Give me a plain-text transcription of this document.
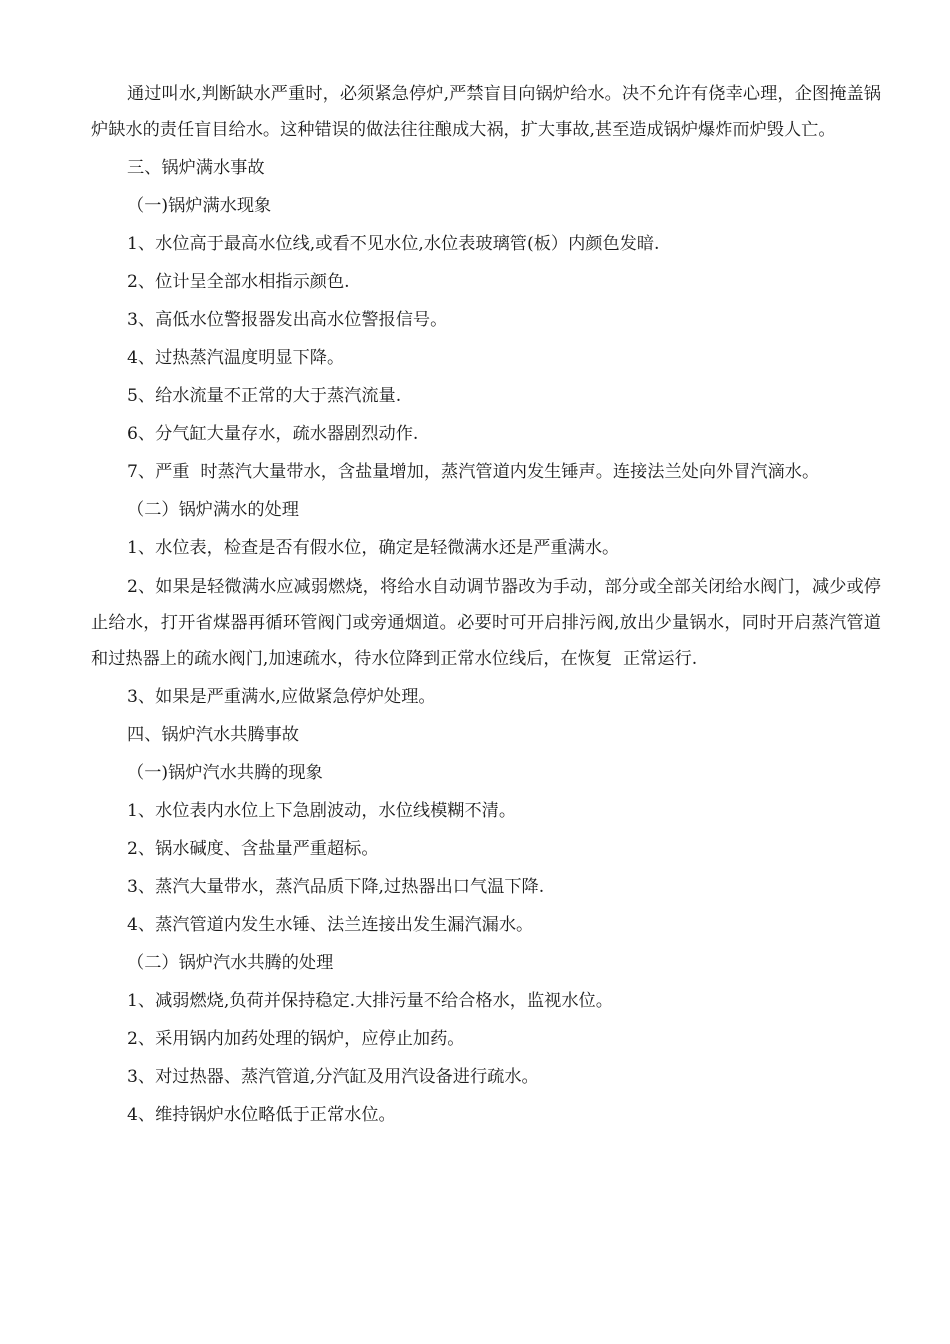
通过叫水,判断缺水严重时，必须紧急停炉,严禁盲目向锅炉给水。决不允许有侥幸心理，企图掩盖锅炉缺水的责任盲目给水。这种错误的做法往往酿成大祸，扩大事故,甚至造成锅炉爆炸而炉毁人亡。

三、锅炉满水事故

（一)锅炉满水现象

1、水位高于最高水位线,或看不见水位,水位表玻璃管(板）内颜色发暗.

2、位计呈全部水相指示颜色.

3、高低水位警报器发出高水位警报信号。

4、过热蒸汽温度明显下降。

5、给水流量不正常的大于蒸汽流量.

6、分气缸大量存水，疏水器剧烈动作.

7、严重  时蒸汽大量带水，含盐量增加，蒸汽管道内发生锤声。连接法兰处向外冒汽滴水。

（二）锅炉满水的处理

1、水位表，检查是否有假水位，确定是轻微满水还是严重满水。

2、如果是轻微满水应减弱燃烧，将给水自动调节器改为手动，部分或全部关闭给水阀门，减少或停止给水，打开省煤器再循环管阀门或旁通烟道。必要时可开启排污阀,放出少量锅水，同时开启蒸汽管道和过热器上的疏水阀门,加速疏水，待水位降到正常水位线后，在恢复  正常运行.

3、如果是严重满水,应做紧急停炉处理。

四、锅炉汽水共腾事故

（一)锅炉汽水共腾的现象

1、水位表内水位上下急剧波动，水位线模糊不清。

2、锅水碱度、含盐量严重超标。

3、蒸汽大量带水，蒸汽品质下降,过热器出口气温下降.

4、蒸汽管道内发生水锤、法兰连接出发生漏汽漏水。

（二）锅炉汽水共腾的处理

1、减弱燃烧,负荷并保持稳定.大排污量不给合格水，监视水位。

2、采用锅内加药处理的锅炉，应停止加药。

3、对过热器、蒸汽管道,分汽缸及用汽设备进行疏水。

4、维持锅炉水位略低于正常水位。
